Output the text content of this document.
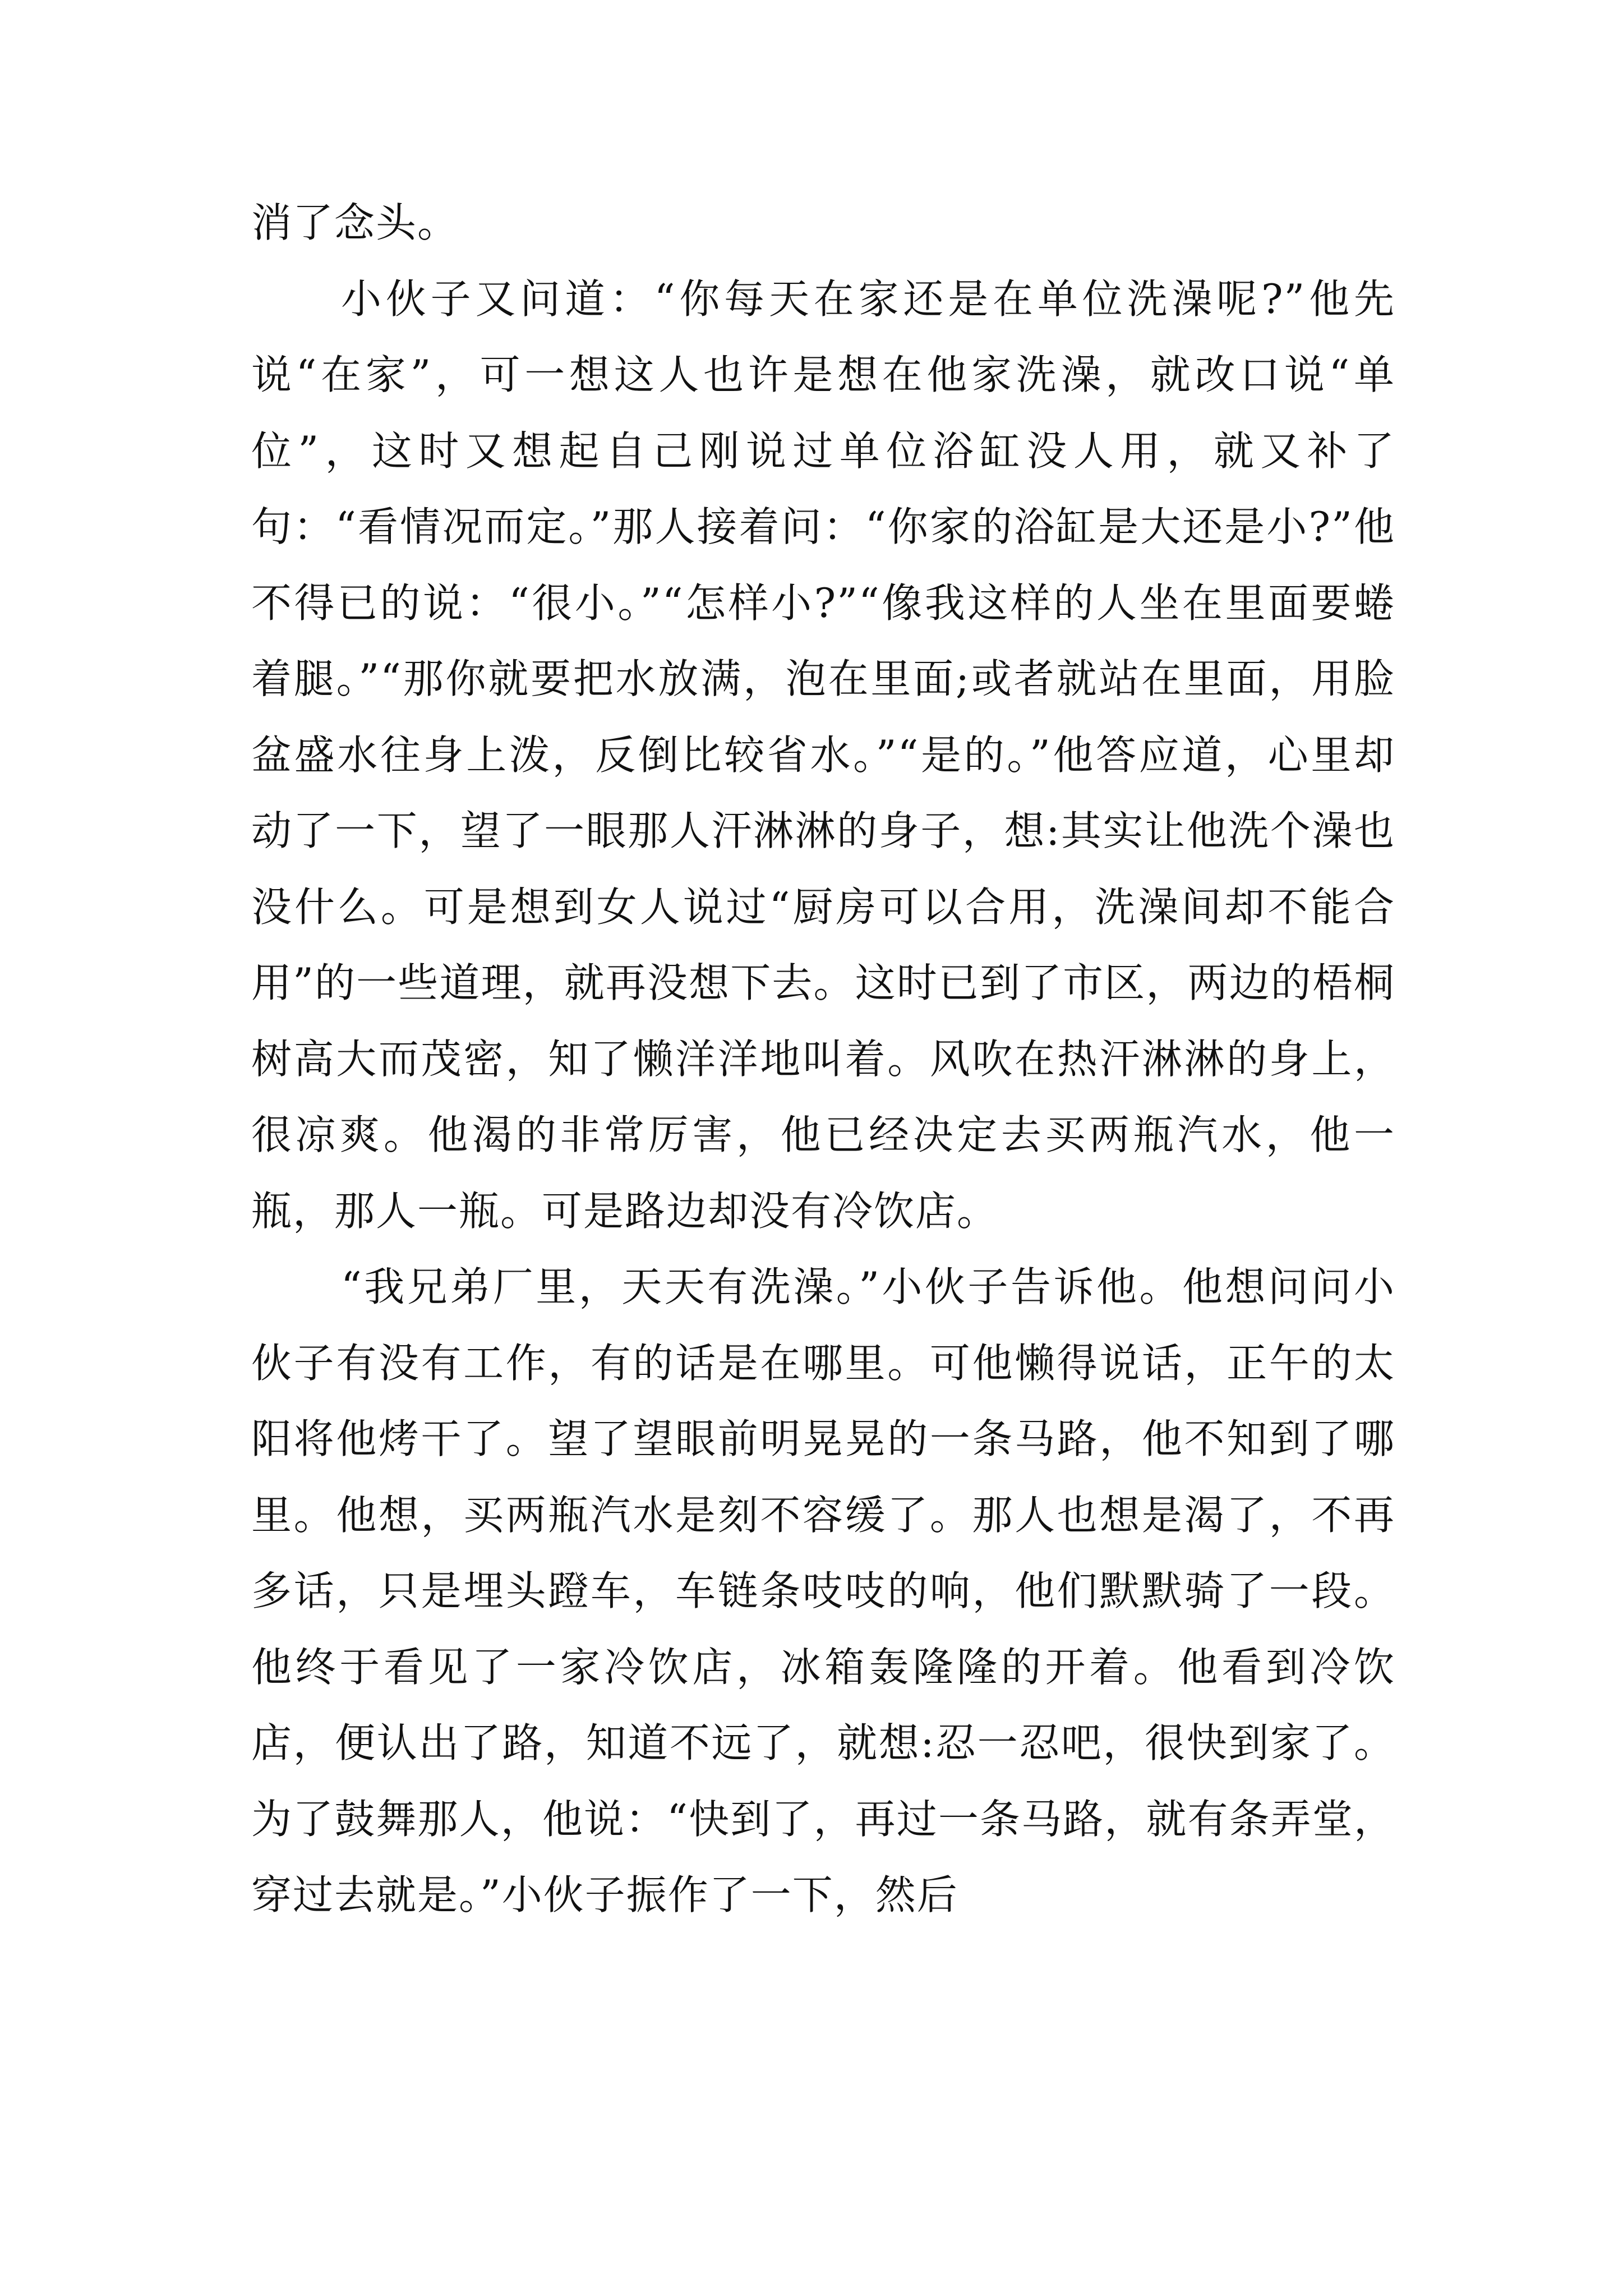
消了念头。

小伙子又问道：“你每天在家还是在单位洗澡呢?”他先说“在家”，可一想这人也许是想在他家洗澡，就改口说“单位”，这时又想起自己刚说过单位浴缸没人用，就又补了句：“看情况而定。”那人接着问：“你家的浴缸是大还是小?”他不得已的说：“很小。”“怎样小?”“像我这样的人坐在里面要蜷着腿。”“那你就要把水放满，泡在里面;或者就站在里面，用脸盆盛水往身上泼，反倒比较省水。”“是的。”他答应道，心里却动了一下，望了一眼那人汗淋淋的身子，想:其实让他洗个澡也没什么。可是想到女人说过“厨房可以合用，洗澡间却不能合用”的一些道理，就再没想下去。这时已到了市区，两边的梧桐树高大而茂密，知了懒洋洋地叫着。风吹在热汗淋淋的身上，很凉爽。他渴的非常厉害，他已经决定去买两瓶汽水，他一瓶，那人一瓶。可是路边却没有冷饮店。

“我兄弟厂里，天天有洗澡。”小伙子告诉他。他想问问小伙子有没有工作，有的话是在哪里。可他懒得说话，正午的太阳将他烤干了。望了望眼前明晃晃的一条马路，他不知到了哪里。他想，买两瓶汽水是刻不容缓了。那人也想是渴了，不再多话，只是埋头蹬车，车链条吱吱的响，他们默默骑了一段。他终于看见了一家冷饮店，冰箱轰隆隆的开着。他看到冷饮店，便认出了路，知道不远了，就想:忍一忍吧，很快到家了。为了鼓舞那人，他说：“快到了，再过一条马路，就有条弄堂，穿过去就是。”小伙子振作了一下，然后
